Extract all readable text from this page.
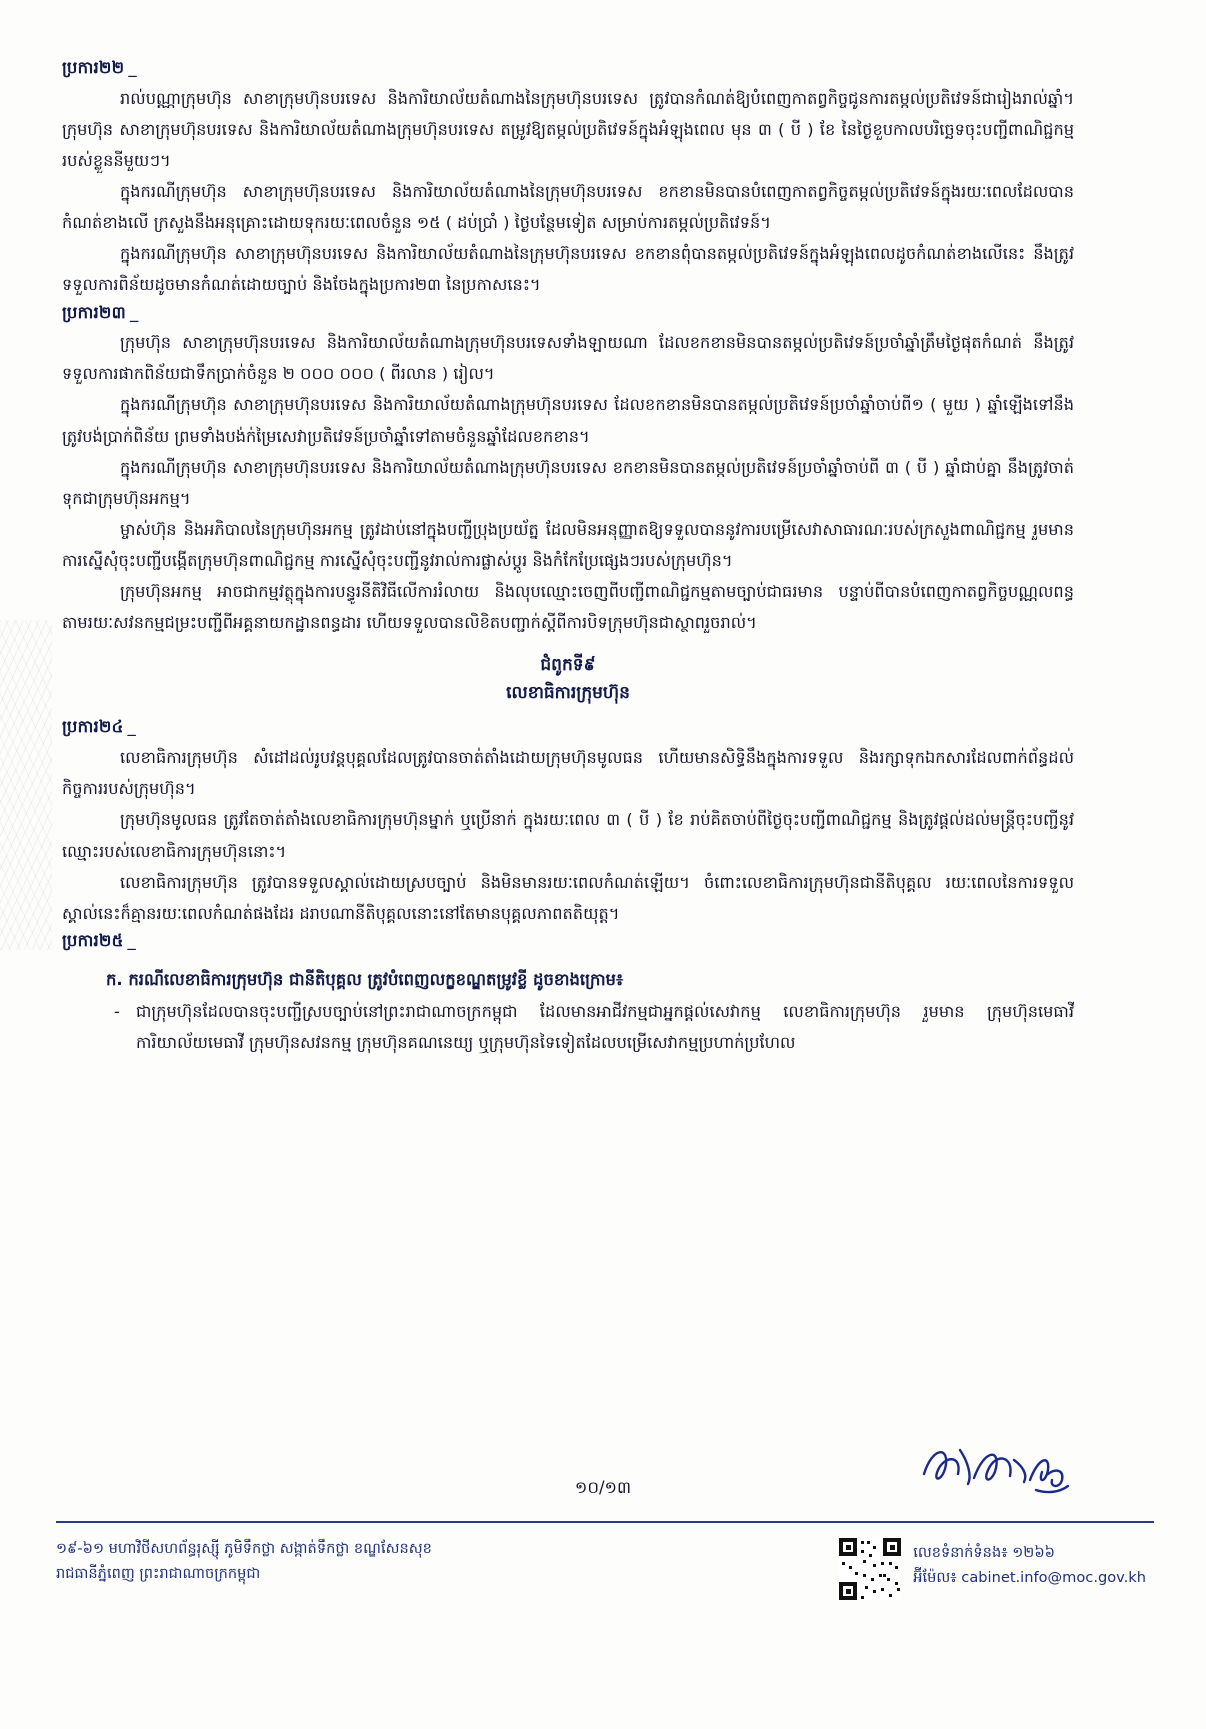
ប្រការ២២ _

រាល់បណ្ណាក្រុមហ៊ុន សាខាក្រុមហ៊ុនបរទេស និងការិយាល័យតំណាងនៃក្រុមហ៊ុនបរទេស ត្រូវបានកំណត់ឱ្យបំពេញកាតព្វកិច្ចជូនការតម្កល់ប្រតិវេទន៍ជារៀងរាល់ឆ្នាំ។ ក្រុមហ៊ុន សាខាក្រុមហ៊ុនបរទេស និងការិយាល័យតំណាងក្រុមហ៊ុនបរទេស តម្រូវឱ្យតម្កល់ប្រតិវេទន៍ក្នុងអំឡុងពេល មុន ៣ ( បី ) ខែ នៃថ្ងៃខួបកាលបរិច្ឆេទចុះបញ្ជីពាណិជ្ជកម្មរបស់ខ្លួននីមួយៗ។

ក្នុងករណីក្រុមហ៊ុន សាខាក្រុមហ៊ុនបរទេស និងការិយាល័យតំណាងនៃក្រុមហ៊ុនបរទេស ខកខានមិនបានបំពេញកាតព្វកិច្ចតម្កល់ប្រតិវេទន៍ក្នុងរយៈពេលដែលបានកំណត់ខាងលើ ក្រសួងនឹងអនុគ្រោះដោយទុករយៈពេលចំនួន ១៥ ( ដប់ប្រាំ ) ថ្ងៃបន្ថែមទៀត សម្រាប់ការតម្កល់ប្រតិវេទន៍។

ក្នុងករណីក្រុមហ៊ុន សាខាក្រុមហ៊ុនបរទេស និងការិយាល័យតំណាងនៃក្រុមហ៊ុនបរទេស ខកខានពុំបានតម្កល់ប្រតិវេទន៍ក្នុងអំឡុងពេលដូចកំណត់ខាងលើនេះ នឹងត្រូវទទួលការពិន័យដូចមានកំណត់ដោយច្បាប់ និងចែងក្នុងប្រការ២៣ នៃប្រកាសនេះ។

ប្រការ២៣ _

ក្រុមហ៊ុន សាខាក្រុមហ៊ុនបរទេស និងការិយាល័យតំណាងក្រុមហ៊ុនបរទេសទាំងឡាយណា ដែលខកខានមិនបានតម្កល់ប្រតិវេទន៍ប្រចាំឆ្នាំត្រឹមថ្ងៃផុតកំណត់ នឹងត្រូវទទួលការផាកពិន័យជាទឹកប្រាក់ចំនួន ២ ០០០ ០០០ ( ពីរលាន ) រៀល។

ក្នុងករណីក្រុមហ៊ុន សាខាក្រុមហ៊ុនបរទេស និងការិយាល័យតំណាងក្រុមហ៊ុនបរទេស ដែលខកខានមិនបានតម្កល់ប្រតិវេទន៍ប្រចាំឆ្នាំចាប់ពី១ ( មួយ ) ឆ្នាំឡើងទៅនឹងត្រូវបង់ប្រាក់ពិន័យ ព្រមទាំងបង់ក់ម្រៃសេវាប្រតិវេទន៍ប្រចាំឆ្នាំទៅតាមចំនួនឆ្នាំដែលខកខាន។

ក្នុងករណីក្រុមហ៊ុន សាខាក្រុមហ៊ុនបរទេស និងការិយាល័យតំណាងក្រុមហ៊ុនបរទេស ខកខានមិនបានតម្កល់ប្រតិវេទន៍ប្រចាំឆ្នាំចាប់ពី ៣ ( បី ) ឆ្នាំជាប់គ្នា នឹងត្រូវចាត់ទុកជាក្រុមហ៊ុនអកម្ម។

ម្ចាស់ហ៊ុន និងអភិបាលនៃក្រុមហ៊ុនអកម្ម ត្រូវដាប់នៅក្នុងបញ្ជីប្រុងប្រយ័ត្ន ដែលមិនអនុញ្ញាតឱ្យទទួលបាននូវការបម្រើសេវាសាធារណៈរបស់ក្រសួងពាណិជ្ជកម្ម រួមមាន ការស្នើសុំចុះបញ្ជីបង្កើតក្រុមហ៊ុនពាណិជ្ជកម្ម ការស្នើសុំចុះបញ្ជីនូវរាល់ការផ្លាស់ប្តូរ និងកំកែប្រែផ្សេងៗរបស់ក្រុមហ៊ុន។

ក្រុមហ៊ុនអកម្ម អាចជាកម្មវត្ថុក្នុងការបន្ធូរនីតិវិធីលើការរំលាយ និងលុបឈ្មោះចេញពីបញ្ជីពាណិជ្ជកម្មតាមច្បាប់ជាធរមាន បន្ទាប់ពីបានបំពេញកាតព្វកិច្ចបណ្ណលពន្ធតាមរយៈសវនកម្មជម្រះបញ្ជីពីអគ្គនាយកដ្ឋានពន្ធដារ ហើយទទួលបានលិខិតបញ្ជាក់ស្តីពីការបិទក្រុមហ៊ុនជាស្ថាពរួចរាល់។

ជំពូកទី៩
លេខាធិការក្រុមហ៊ុន
ប្រការ២៤ _

លេខាធិការក្រុមហ៊ុន សំដៅដល់រូបវន្តបុគ្គលដែលត្រូវបានចាត់តាំងដោយក្រុមហ៊ុនមូលធន ហើយមានសិទ្ធិនឹងក្នុងការទទួល និងរក្សាទុកឯកសារដែលពាក់ព័ន្ធដល់កិច្ចការរបស់ក្រុមហ៊ុន។

ក្រុមហ៊ុនមូលធន ត្រូវតែចាត់តាំងលេខាធិការក្រុមហ៊ុនម្នាក់ ឬប្រើនាក់ ក្នុងរយៈពេល ៣ ( បី ) ខែ រាប់គិតចាប់ពីថ្ងៃចុះបញ្ជីពាណិជ្ជកម្ម និងត្រូវផ្តល់ដល់មន្ត្រីចុះបញ្ជីនូវឈ្មោះរបស់លេខាធិការក្រុមហ៊ុននោះ។

លេខាធិការក្រុមហ៊ុន ត្រូវបានទទួលស្គាល់ដោយស្របច្បាប់ និងមិនមានរយៈពេលកំណត់ឡើយ។ ចំពោះលេខាធិការក្រុមហ៊ុនជានីតិបុគ្គល រយៈពេលនៃការទទួលស្គាល់នេះក៏គ្មានរយៈពេលកំណត់ផងដែរ ដរាបណានីតិបុគ្គលនោះនៅតែមានបុគ្គលភាពតតិយុត្ត។

ប្រការ២៥ _
ក. ករណីលេខាធិការក្រុមហ៊ុន ជានីតិបុគ្គល ត្រូវបំពេញលក្ខខណ្ឌតម្រូវខ្លី ដូចខាងក្រោម៖
- ជាក្រុមហ៊ុនដែលបានចុះបញ្ជីស្របច្បាប់នៅព្រះរាជាណាចក្រកម្ពុជា ដែលមានអាជីវកម្មជាអ្នកផ្តល់សេវាកម្ម លេខាធិការក្រុមហ៊ុន រួមមាន ក្រុមហ៊ុនមេធាវី ការិយាល័យមេធាវី ក្រុមហ៊ុនសវនកម្ម ក្រុមហ៊ុនគណនេយ្យ ឬក្រុមហ៊ុនទៃទៀតដែលបម្រើសេវាកម្មប្រហាក់ប្រហែល
១០/១៣
១៩-៦១ មហាវិថីសហព័ន្ធរុស្ស៊ី ភូមិទឹកថ្លា សង្កាត់ទឹកថ្លា ខណ្ឌសែនសុខ
រាជធានីភ្នំពេញ ព្រះរាជាណាចក្រកម្ពុជា
លេខទំនាក់ទំនង៖ ១២៦៦
អ៊ីម៉ែល៖ cabinet.info@moc.gov.kh
